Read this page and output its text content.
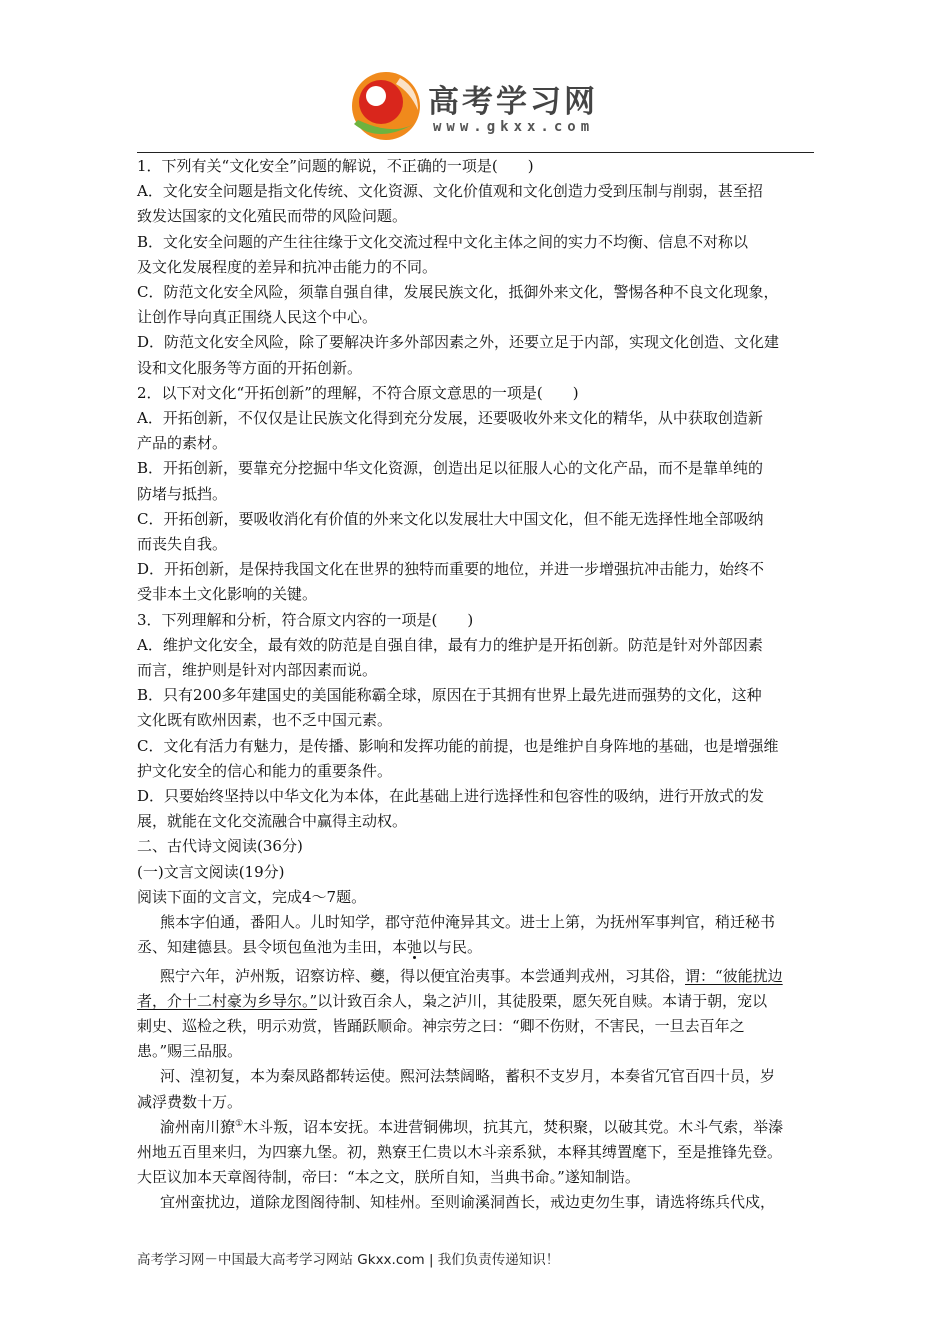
高考学习网
www.gkxx.com

1．下列有关“文化安全”问题的解说，不正确的一项是(　　)

A．文化安全问题是指文化传统、文化资源、文化价值观和文化创造力受到压制与削弱，甚至招

致发达国家的文化殖民而带的风险问题。

B．文化安全问题的产生往往缘于文化交流过程中文化主体之间的实力不均衡、信息不对称以

及文化发展程度的差异和抗冲击能力的不同。

C．防范文化安全风险，须靠自强自律，发展民族文化，抵御外来文化，警惕各种不良文化现象，

让创作导向真正围绕人民这个中心。

D．防范文化安全风险，除了要解决许多外部因素之外，还要立足于内部，实现文化创造、文化建

设和文化服务等方面的开拓创新。

2．以下对文化“开拓创新”的理解，不符合原文意思的一项是(　　)

A．开拓创新，不仅仅是让民族文化得到充分发展，还要吸收外来文化的精华，从中获取创造新

产品的素材。

B．开拓创新，要靠充分挖掘中华文化资源，创造出足以征服人心的文化产品，而不是靠单纯的

防堵与抵挡。

C．开拓创新，要吸收消化有价值的外来文化以发展壮大中国文化，但不能无选择性地全部吸纳

而丧失自我。

D．开拓创新，是保持我国文化在世界的独特而重要的地位，并进一步增强抗冲击能力，始终不

受非本土文化影响的关键。

3．下列理解和分析，符合原文内容的一项是(　　)

A．维护文化安全，最有效的防范是自强自律，最有力的维护是开拓创新。防范是针对外部因素

而言，维护则是针对内部因素而说。

B．只有200多年建国史的美国能称霸全球，原因在于其拥有世界上最先进而强势的文化，这种

文化既有欧州因素，也不乏中国元素。

C．文化有活力有魅力，是传播、影响和发挥功能的前提，也是维护自身阵地的基础，也是增强维

护文化安全的信心和能力的重要条件。

D．只要始终坚持以中华文化为本体，在此基础上进行选择性和包容性的吸纳，进行开放式的发

展，就能在文化交流融合中赢得主动权。

二、古代诗文阅读(36分)

(一)文言文阅读(19分)

阅读下面的文言文，完成4～7题。

熊本字伯通，番阳人。儿时知学，郡守范仲淹异其文。进士上第，为抚州军事判官，稍迁秘书

丞、知建德县。县令顷包鱼池为圭田，本弛以与民。

熙宁六年，泸州叛，诏察访梓、夔，得以便宜治夷事。本尝通判戎州，习其俗，谓：“彼能扰边

者，介十二村豪为乡导尔。”以计致百余人，枭之泸川，其徒股栗，愿矢死自赎。本请于朝，宠以

刺史、巡检之秩，明示劝赏，皆踊跃顺命。神宗劳之曰：“卿不伤财，不害民，一旦去百年之

患。”赐三品服。

河、湟初复，本为秦凤路都转运使。熙河法禁阔略，蓄积不支岁月，本奏省冗官百四十员，岁

减浮费数十万。

渝州南川獠①木斗叛，诏本安抚。本进营铜佛坝，抗其亢，焚积聚，以破其党。木斗气索，举溱

州地五百里来归，为四寨九堡。初，熟寮王仁贵以木斗亲系狱，本释其缚置麾下，至是推锋先登。

大臣议加本天章阁待制，帝曰：“本之文，朕所自知，当典书命。”遂知制诰。

宜州蛮扰边，道除龙图阁待制、知桂州。至则谕溪洞酋长，戒边吏勿生事，请选将练兵代戍，

高考学习网－中国最大高考学习网站 Gkxx.com | 我们负责传递知识！
